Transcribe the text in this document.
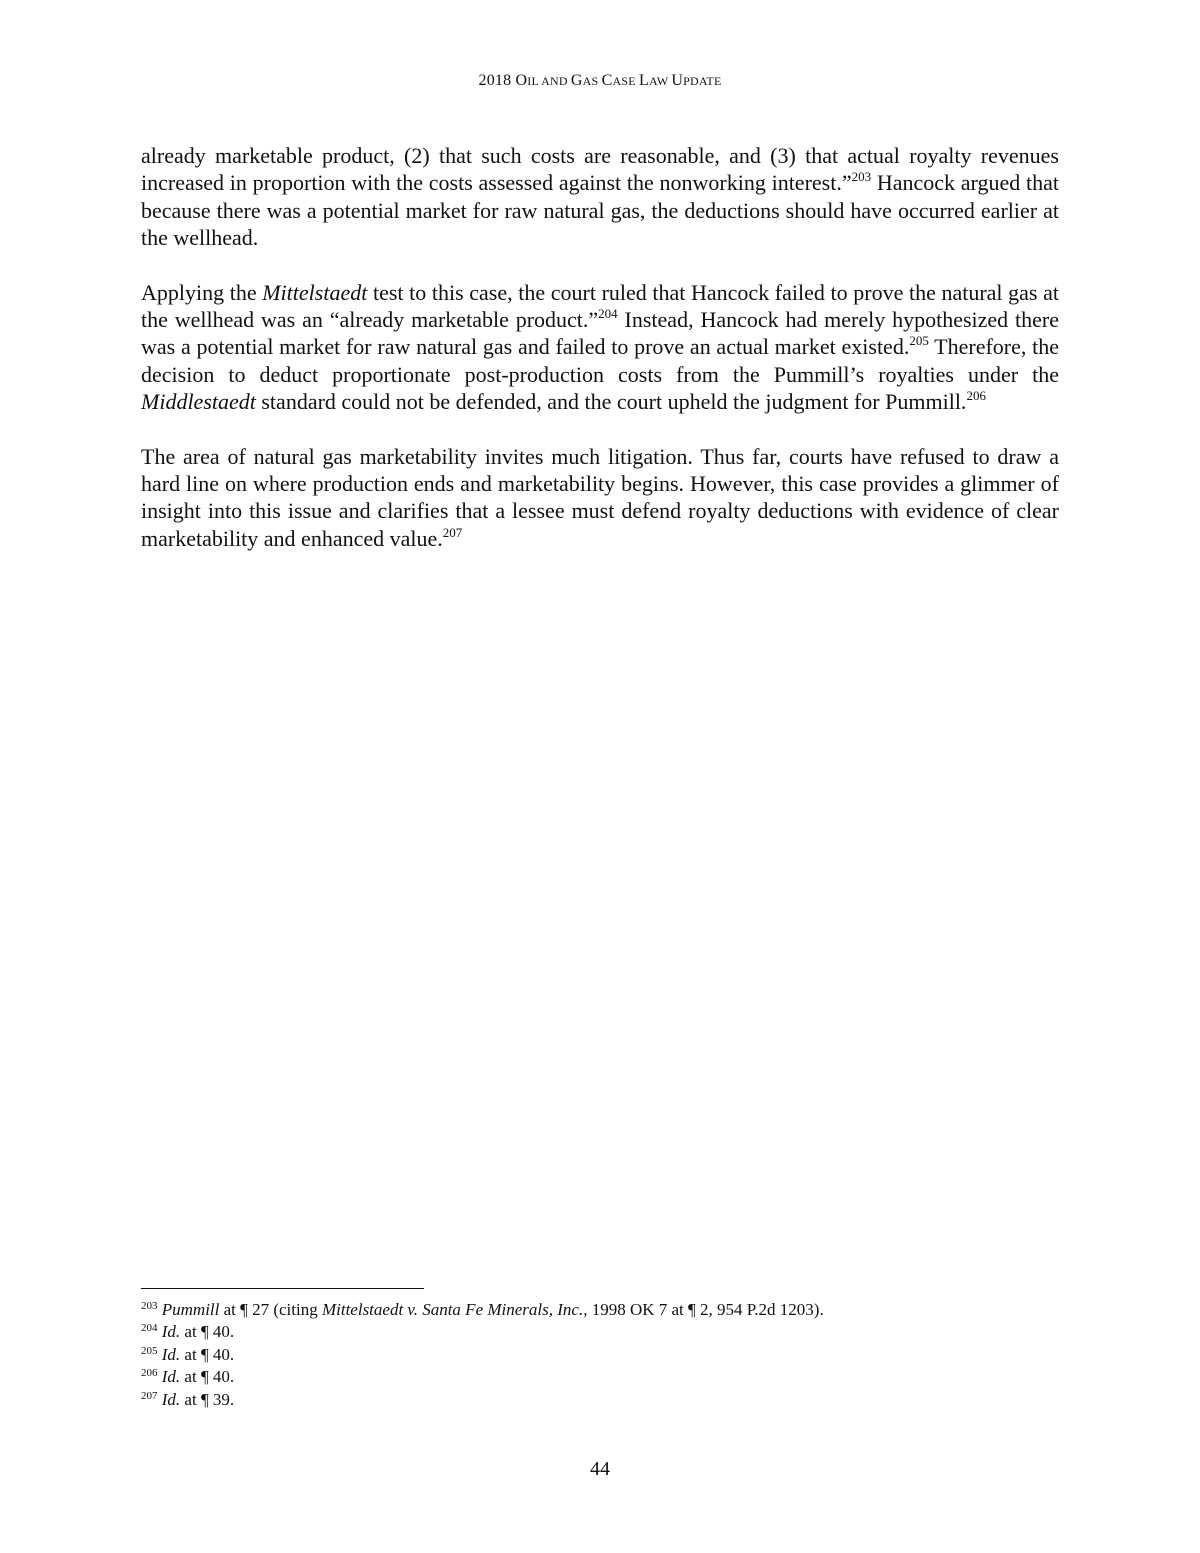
2018 OIL AND GAS CASE LAW UPDATE

already marketable product, (2) that such costs are reasonable, and (3) that actual royalty revenues increased in proportion with the costs assessed against the nonworking interest.”$^{203}$ Hancock argued that because there was a potential market for raw natural gas, the deductions should have occurred earlier at the wellhead.

Applying the Mittelstaedt test to this case, the court ruled that Hancock failed to prove the natural gas at the wellhead was an “already marketable product.”$^{204}$ Instead, Hancock had merely hypothesized there was a potential market for raw natural gas and failed to prove an actual market existed.$^{205}$ Therefore, the decision to deduct proportionate post-production costs from the Pummill’s royalties under the Middlestaedt standard could not be defended, and the court upheld the judgment for Pummill.$^{206}$

The area of natural gas marketability invites much litigation. Thus far, courts have refused to draw a hard line on where production ends and marketability begins. However, this case provides a glimmer of insight into this issue and clarifies that a lessee must defend royalty deductions with evidence of clear marketability and enhanced value.$^{207}$

$^{203}$ Pummill at ¶ 27 (citing Mittelstaedt v. Santa Fe Minerals, Inc., 1998 OK 7 at ¶ 2, 954 P.2d 1203).

$^{204}$ Id. at ¶ 40.

$^{205}$ Id. at ¶ 40.

$^{206}$ Id. at ¶ 40.

$^{207}$ Id. at ¶ 39.

44
